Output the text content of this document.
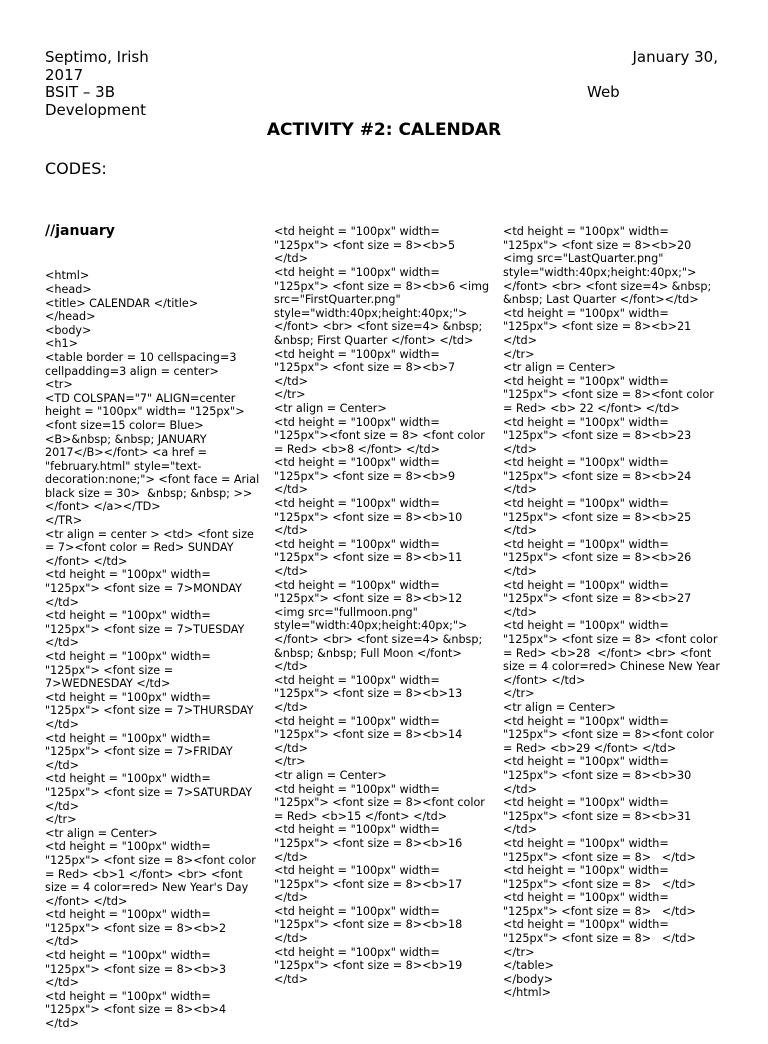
Septimo, Irish	January 30,

2017

BSIT – 3B	Web

Development

ACTIVITY #2: CALENDAR

CODES:

//january

<html>
<head>
<title> CALENDAR </title>
</head>
<body>
<h1>
<table border = 10 cellspacing=3
cellpadding=3 align = center>
<tr>
<TD COLSPAN="7" ALIGN=center
height = "100px" width= "125px">
<font size=15 color= Blue>
<B>&nbsp; &nbsp; JANUARY
2017</B></font> <a href =
"february.html" style="text-
decoration:none;"> <font face = Arial
black size = 30>  &nbsp; &nbsp; >>
</font> </a></TD>
</TR>
<tr align = center > <td> <font size
= 7><font color = Red> SUNDAY
</font> </td>
<td height = "100px" width=
"125px"> <font size = 7>MONDAY
</td>
<td height = "100px" width=
"125px"> <font size = 7>TUESDAY
</td>
<td height = "100px" width=
"125px"> <font size =
7>WEDNESDAY </td>
<td height = "100px" width=
"125px"> <font size = 7>THURSDAY
</td>
<td height = "100px" width=
"125px"> <font size = 7>FRIDAY
</td>
<td height = "100px" width=
"125px"> <font size = 7>SATURDAY
</td>
</tr>
<tr align = Center>
<td height = "100px" width=
"125px"> <font size = 8><font color
= Red> <b>1 </font> <br> <font
size = 4 color=red> New Year's Day
</font> </td>
<td height = "100px" width=
"125px"> <font size = 8><b>2
</td>
<td height = "100px" width=
"125px"> <font size = 8><b>3
</td>
<td height = "100px" width=
"125px"> <font size = 8><b>4
</td>

<td height = "100px" width=
"125px"> <font size = 8><b>5
</td>
<td height = "100px" width=
"125px"> <font size = 8><b>6 <img
src="FirstQuarter.png"
style="width:40px;height:40px;">
</font> <br> <font size=4> &nbsp;
&nbsp; First Quarter </font> </td>
<td height = "100px" width=
"125px"> <font size = 8><b>7
</td>
</tr>
<tr align = Center>
<td height = "100px" width=
"125px"><font size = 8> <font color
= Red> <b>8 </font> </td>
<td height = "100px" width=
"125px"> <font size = 8><b>9
</td>
<td height = "100px" width=
"125px"> <font size = 8><b>10
</td>
<td height = "100px" width=
"125px"> <font size = 8><b>11
</td>
<td height = "100px" width=
"125px"> <font size = 8><b>12
<img src="fullmoon.png"
style="width:40px;height:40px;">
</font> <br> <font size=4> &nbsp;
&nbsp; &nbsp; Full Moon </font>
</td>
<td height = "100px" width=
"125px"> <font size = 8><b>13
</td>
<td height = "100px" width=
"125px"> <font size = 8><b>14
</td>
</tr>
<tr align = Center>
<td height = "100px" width=
"125px"> <font size = 8><font color
= Red> <b>15 </font> </td>
<td height = "100px" width=
"125px"> <font size = 8><b>16
</td>
<td height = "100px" width=
"125px"> <font size = 8><b>17
</td>
<td height = "100px" width=
"125px"> <font size = 8><b>18
</td>
<td height = "100px" width=
"125px"> <font size = 8><b>19
</td>

<td height = "100px" width=
"125px"> <font size = 8><b>20
<img src="LastQuarter.png"
style="width:40px;height:40px;">
</font> <br> <font size=4> &nbsp;
&nbsp; Last Quarter </font></td>
<td height = "100px" width=
"125px"> <font size = 8><b>21
</td>
</tr>
<tr align = Center>
<td height = "100px" width=
"125px"> <font size = 8><font color
= Red> <b> 22 </font> </td>
<td height = "100px" width=
"125px"> <font size = 8><b>23
</td>
<td height = "100px" width=
"125px"> <font size = 8><b>24
</td>
<td height = "100px" width=
"125px"> <font size = 8><b>25
</td>
<td height = "100px" width=
"125px"> <font size = 8><b>26
</td>
<td height = "100px" width=
"125px"> <font size = 8><b>27
</td>
<td height = "100px" width=
"125px"> <font size = 8> <font color
= Red> <b>28  </font> <br> <font
size = 4 color=red> Chinese New Year
</font> </td>
</tr>
<tr align = Center>
<td height = "100px" width=
"125px"> <font size = 8><font color
= Red> <b>29 </font> </td>
<td height = "100px" width=
"125px"> <font size = 8><b>30
</td>
<td height = "100px" width=
"125px"> <font size = 8><b>31
</td>
<td height = "100px" width=
"125px"> <font size = 8>   </td>
<td height = "100px" width=
"125px"> <font size = 8>   </td>
<td height = "100px" width=
"125px"> <font size = 8>   </td>
<td height = "100px" width=
"125px"> <font size = 8>   </td>
</tr>
</table>
</body>
</html>
